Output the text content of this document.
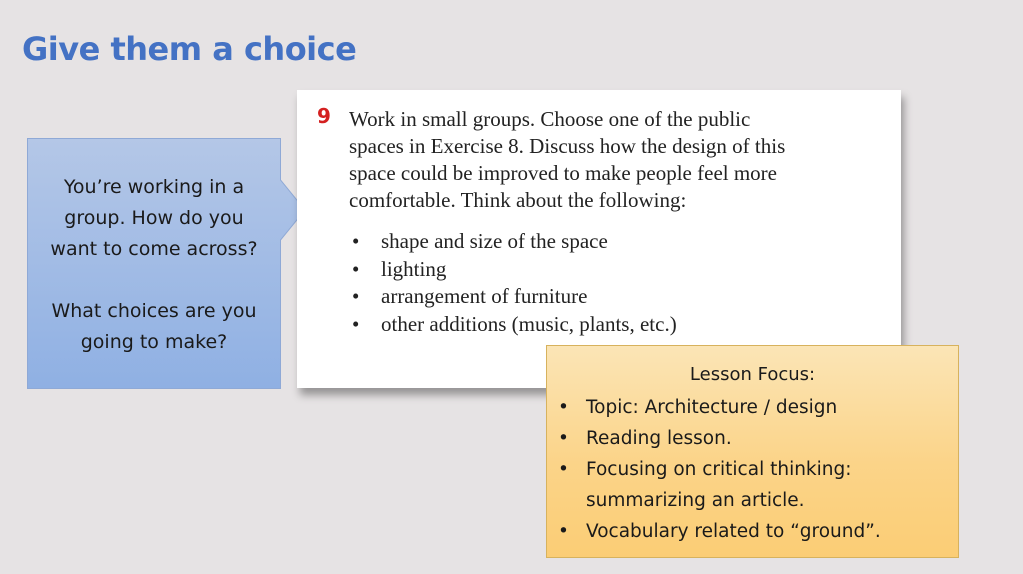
Give them a choice

You’re working in a
group. How do you
want to come across?

What choices are you
going to make?

9 Work in small groups. Choose one of the public
spaces in Exercise 8. Discuss how the design of this
space could be improved to make people feel more
comfortable. Think about the following:

• shape and size of the space
• lighting
• arrangement of furniture
• other additions (music, plants, etc.)
Lesson Focus:
• Topic: Architecture / design
• Reading lesson.
• Focusing on critical thinking:
summarizing an article.
• Vocabulary related to “ground”.
